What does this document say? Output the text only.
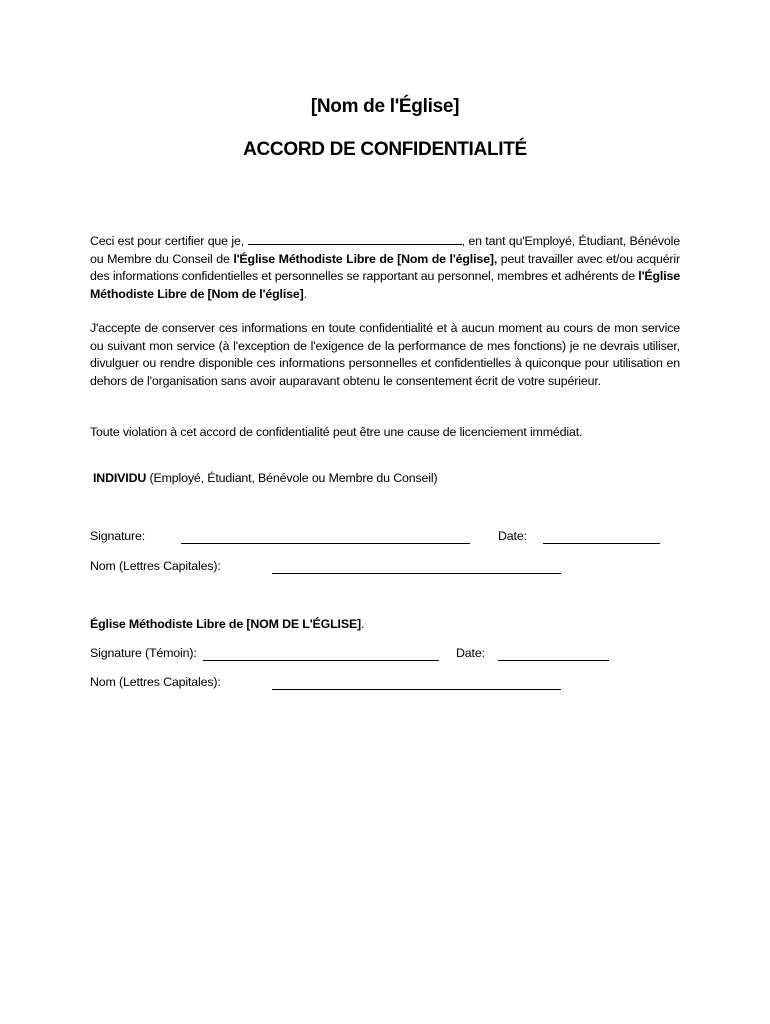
[Nom de l'Église]
ACCORD DE CONFIDENTIALITÉ
Ceci est pour certifier que je,	, en tant qu'Employé, Étudiant, Bénévole ou Membre du Conseil de l'Église Méthodiste Libre de [Nom de l'église], peut travailler avec et/ou acquérir des informations confidentielles et personnelles se rapportant au personnel, membres et adhérents de l'Église Méthodiste Libre de [Nom de l'église].
J'accepte de conserver ces informations en toute confidentialité et à aucun moment au cours de mon service ou suivant mon service (à l'exception de l'exigence de la performance de mes fonctions) je ne devrais utiliser, divulguer ou rendre disponible ces informations personnelles et confidentielles à quiconque pour utilisation en dehors de l'organisation sans avoir auparavant obtenu le consentement écrit de votre supérieur.
Toute violation à cet accord de confidentialité peut être une cause de licenciement immédiat.
INDIVIDU (Employé, Étudiant, Bénévole ou Membre du Conseil)
Signature:	Date:
Nom (Lettres Capitales):
Église Méthodiste Libre de [NOM DE L'ÉGLISE].
Signature (Témoin):	Date:
Nom (Lettres Capitales):
